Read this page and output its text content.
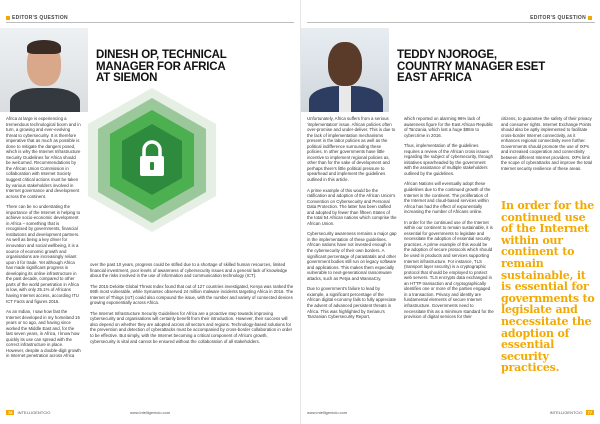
EDITOR'S QUESTION
DINESH OP, TECHNICAL MANAGER FOR AFRICA AT SIEMON

Africa at large is experiencing a tremendous technological boom and in turn, a growing and ever-evolving threat to cybersecurity. It is therefore imperative that as much as possible is done to mitigate the dangers posed, which is why the Internet Infrastructure Security Guidelines for Africa should be welcomed. Recommendations by the African Union Commission in collaboration with Internet Society suggest critical actions must be taken by various stakeholders involved in Internet governance and development across the continent.

There can be no understating the importance of the Internet in helping to achieve socio-economic development in Africa – something that is recognised by governments, financial institutions and development partners. As well as being a key driver for innovation and social wellbeing, it is a source of economic growth and organisations are increasingly reliant upon it for trade. Yet although Africa has made significant progress in developing its online infrastructure in the past decade, compared to other parts of the world penetration in Africa is low, with only 25.1% of Africans having Internet access, according ITU ICT Facts and figures 2016.

As an Indian, I saw how fast the Internet developed in my homeland 15 years or so ago, and having since worked the Middle East and, for the last seven years, in Africa, I know how quickly its use can spread with the correct infrastructure in place. However, despite a double-digit growth in Internet penetration across Africa

over the past 10 years, progress could be stifled due to a shortage of skilled human resources, limited financial investment, poor levels of awareness of cybersecurity issues and a general lack of knowledge about the risks involved in the use of information and communication technology (ICT).

The 2015 Deloitte Global Threat Index found that out of 127 countries investigated, Kenya was ranked the 69th most vulnerable, while Symantec observed 24 million malware incidents targeting Africa in 2016. The Internet of Things (IoT) could also compound the issue, with the number and variety of connected devices growing exponentially across Africa.

The Internet Infrastructure Security Guidelines for Africa are a proactive step towards improving cybersecurity and organisations will certainly benefit from their introduction. However, their success will also depend on whether they are adopted across all sectors and regions. Technology-based solutions for the prevention and detection of cyberattacks must be accompanied by cross-border collaboration in order to be effective. But simply, with the Internet becoming a critical component of Africa's growth, cybersecurity is vital and cannot be ensured without the collaboration of all stakeholders.

76 INTELLIGENTCIO	www.intelligentcio.com
EDITOR'S QUESTION
TEDDY NJOROGE, COUNTRY MANAGER ESET EAST AFRICA

Unfortunately, Africa suffers from a serious 'implementation' issue. African policies often over-promise and under-deliver. This is due to the lack of implementation mechanisms present in the labor policies as well as the political indifference surrounding these policies. In other governments have little incentive to implement regional policies as, other than for the sake of development and perhaps there's little political pressure to spearhead and implement the guidelines outlined in this article.

A prime example of this would be the ratification and adoption of the African Union's Convention on Cybersecurity and Personal Data Protection. The latter has been ratified and adopted by fewer than fifteen States of the total 54 African nations which comprise the African Union.

Cybersecurity awareness remains a major gap in the implementation of these guidelines. African nations have not invested enough in the cybersecurity of their own borders. A significant percentage of parastatals and other government bodies still run on legacy software and applications. This makes them especially vulnerable to next-generational ransomware attacks, such as Petya and WannaCry.

Due to government's failure to lead by example, a significant percentage of the African digital economy fails to fully appreciate the advent of advanced persistent threats in Africa. This was highlighted by Serianu's Tanzanian Cybersecurity Report,

which reported on alarming 96% lack of awareness figure for the East African Republic of Tanzania, which lost a huge $85m to cybercrime in 2016.

Thus, implementation of the guidelines requires a review of the African cross issues regarding the subject of cybersecurity, through initiatives spearheaded by the government with the assistance of multiple stakeholders outlined by the guidelines.

African Nations will eventually adopt these guidelines due to the continued growth of the Internet in the continent. The proliferation of the Internet and cloud-based services within Africa has had the effect of exponentially increasing the number of Africans online.

In order for the continued use of the Internet within our continent to remain sustainable, it is essential for governments to legislate and necessitate the adoption of essential security practices. A prime example of this would be the adoption of secure protocols which should be used in products and services supporting Internet infrastructure. For instance, TLS (transport layer security) is a cryptographic protocol that should be employed to protect web servers. TLS encrypts data exchanged in an HTTP transaction and cryptographically identifies one or more of the parties engaged in a transaction. Privacy and identity are fundamental elements of secure Internet infrastructure. Governments need to necessitate this as a minimum standard for the provision of digital services for their

citizens, to guarantee the safety of their privacy and consumer rights. Internet Exchange Points should also be aptly implemented to facilitate cross-border Internet connectivity, as it enhances regional connectivity even further. Governments should promote the use of IXPs and increased cooperation and connectivity between different Internet providers. IXPs limit the scope of cyberattacks and improve the total Internet security resilience of these areas.

In order for the continued use of the Internet within our continent to remain sustainable, it is essential for governments to legislate and necessitate the adoption of essential security practices.
www.intelligentcio.com	INTELLIGENTCIO 77
